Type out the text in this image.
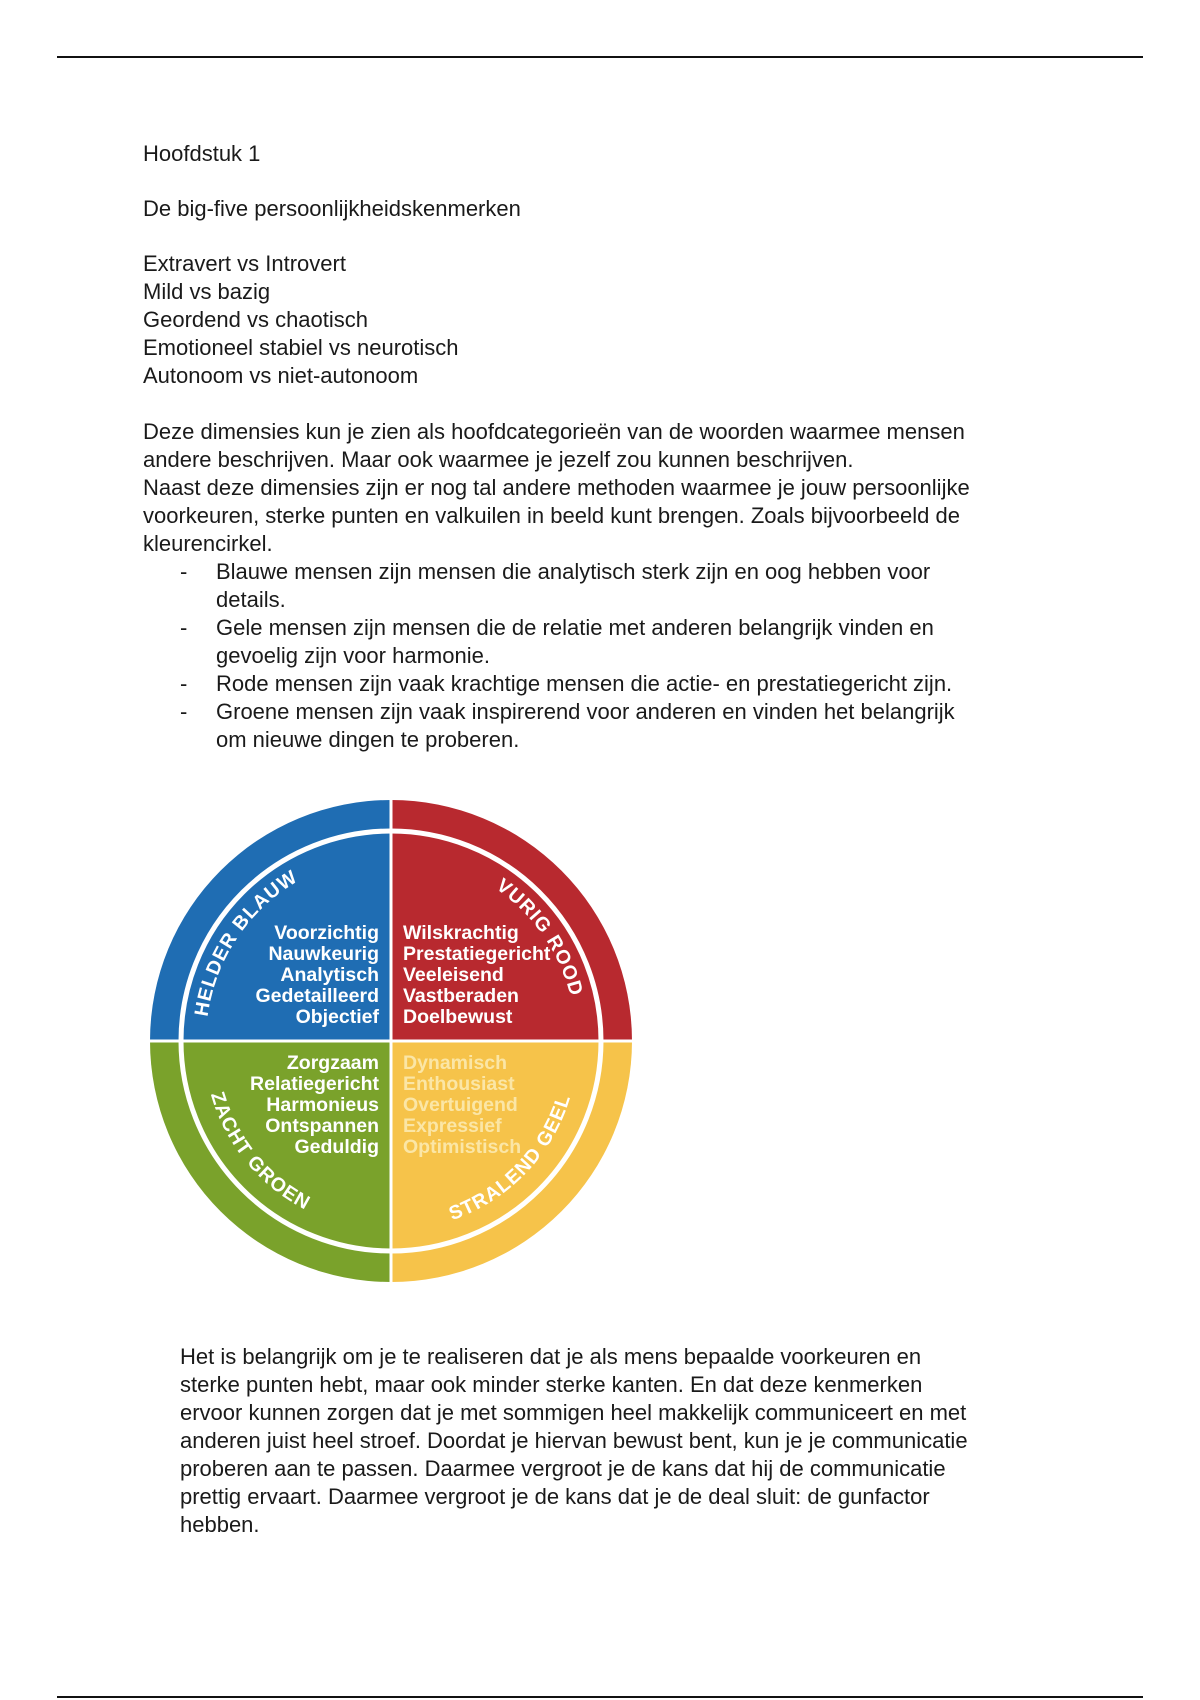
Hoofdstuk 1

De big-five persoonlijkheidskenmerken

Extravert vs Introvert

Mild vs bazig

Geordend vs chaotisch

Emotioneel stabiel vs neurotisch

Autonoom vs niet-autonoom

Deze dimensies kun je zien als hoofdcategorieën van de woorden waarmee mensen

andere beschrijven. Maar ook waarmee je jezelf zou kunnen beschrijven.

Naast deze dimensies zijn er nog tal andere methoden waarmee je jouw persoonlijke

voorkeuren, sterke punten en valkuilen in beeld kunt brengen. Zoals bijvoorbeeld de

kleurencirkel.

- Blauwe mensen zijn mensen die analytisch sterk zijn en oog hebben voor
details.
- Gele mensen zijn mensen die de relatie met anderen belangrijk vinden en
gevoelig zijn voor harmonie.
- Rode mensen zijn vaak krachtige mensen die actie- en prestatiegericht zijn.
- Groene mensen zijn vaak inspirerend voor anderen en vinden het belangrijk
om nieuwe dingen te proberen.
HELDER BLAUW	VURIG ROOD
ZACHT GROEN	STRALEND GEEL
Voorzichtig
Nauwkeurig
Analytisch
Gedetailleerd
Objectief
Wilskrachtig
Prestatiegericht
Veeleisend
Vastberaden
Doelbewust
Zorgzaam
Relatiegericht
Harmonieus
Ontspannen
Geduldig
Dynamisch
Enthousiast
Overtuigend
Expressief
Optimistisch

Het is belangrijk om je te realiseren dat je als mens bepaalde voorkeuren en

sterke punten hebt, maar ook minder sterke kanten. En dat deze kenmerken

ervoor kunnen zorgen dat je met sommigen heel makkelijk communiceert en met

anderen juist heel stroef. Doordat je hiervan bewust bent, kun je je communicatie

proberen aan te passen. Daarmee vergroot je de kans dat hij de communicatie

prettig ervaart. Daarmee vergroot je de kans dat je de deal sluit: de gunfactor

hebben.
